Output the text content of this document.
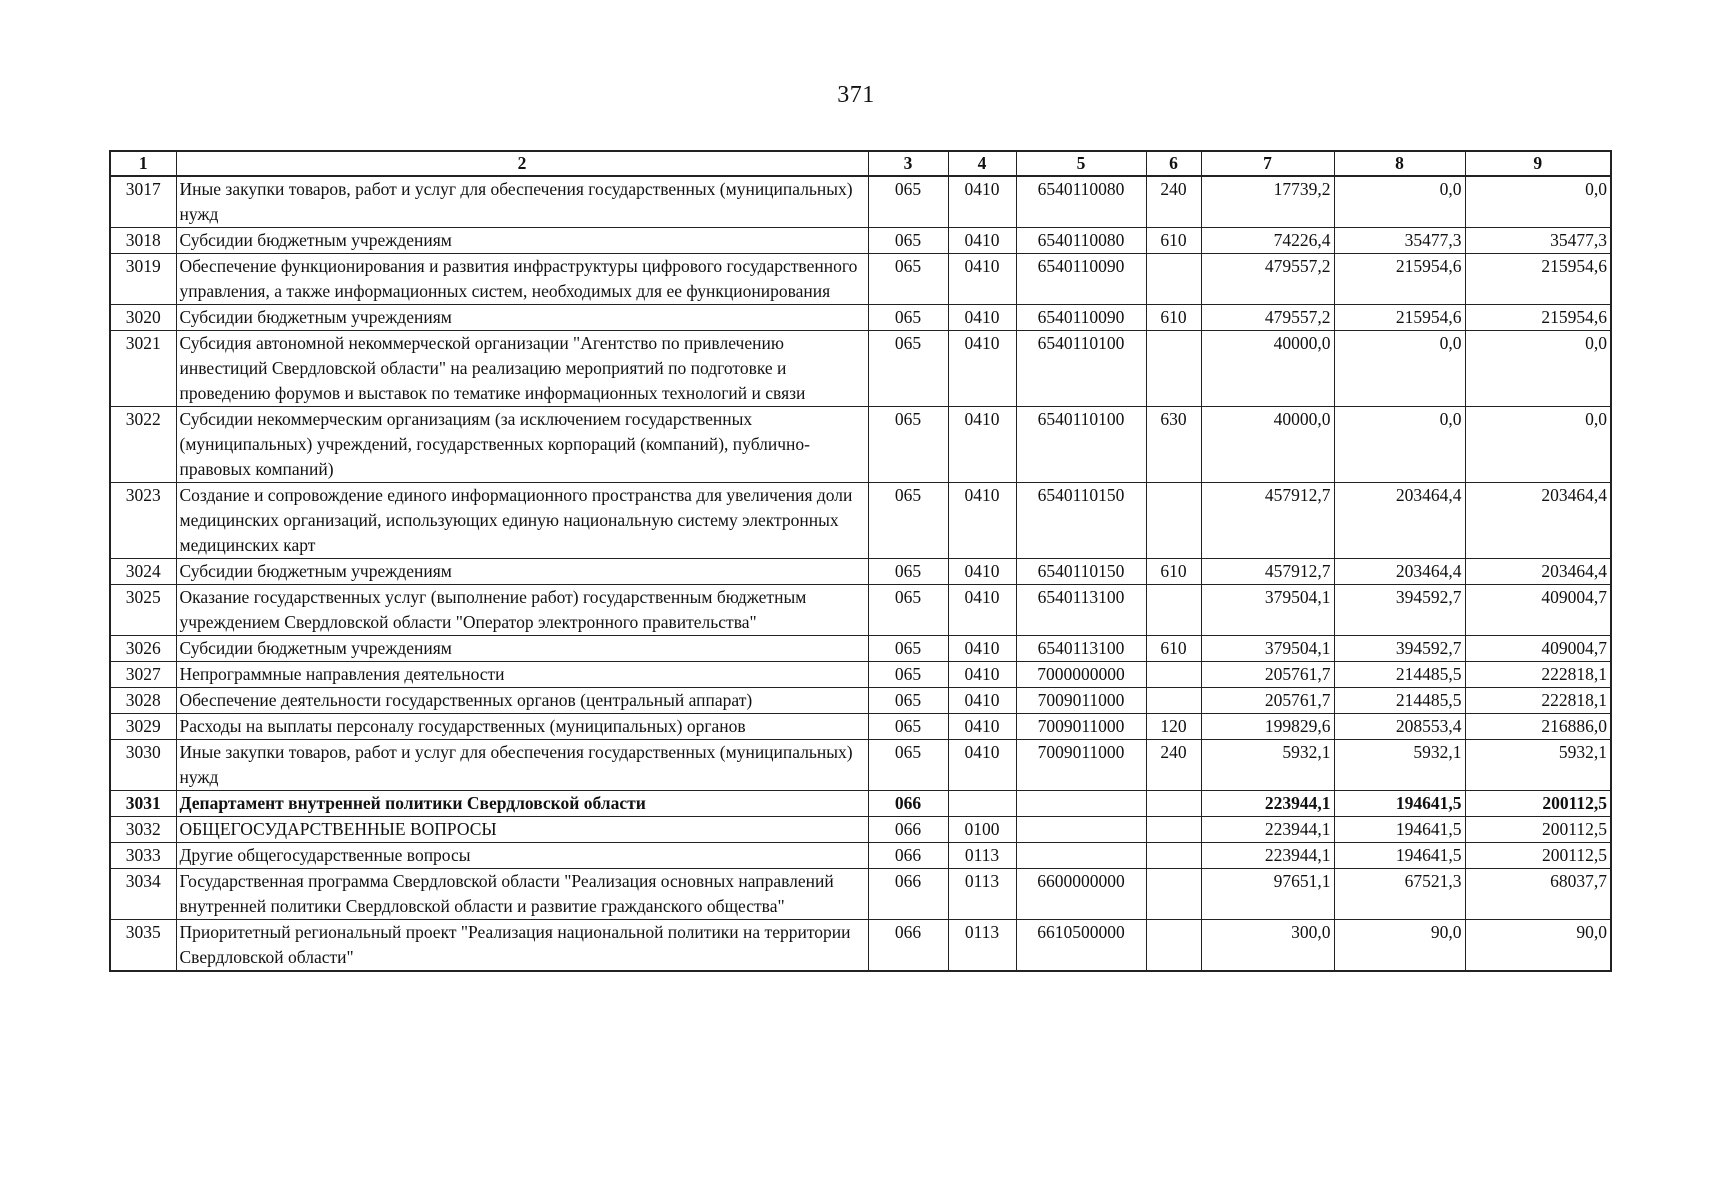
371
1	2	3	4	5	6	7	8	9
3017	Иные закупки товаров, работ и услуг для обеспечения государственных (муниципальных) нужд	065	0410	6540110080	240	17739,2	0,0	0,0
3018	Субсидии бюджетным учреждениям	065	0410	6540110080	610	74226,4	35477,3	35477,3
3019	Обеспечение функционирования и развития инфраструктуры цифрового государственного управления, а также информационных систем, необходимых для ее функционирования	065	0410	6540110090		479557,2	215954,6	215954,6
3020	Субсидии бюджетным учреждениям	065	0410	6540110090	610	479557,2	215954,6	215954,6
3021	Субсидия автономной некоммерческой организации "Агентство по привлечению инвестиций Свердловской области" на реализацию мероприятий по подготовке и проведению форумов и выставок по тематике информационных технологий и связи	065	0410	6540110100		40000,0	0,0	0,0
3022	Субсидии некоммерческим организациям (за исключением государственных (муниципальных) учреждений, государственных корпораций (компаний), публично-правовых компаний)	065	0410	6540110100	630	40000,0	0,0	0,0
3023	Создание и сопровождение единого информационного пространства для увеличения доли медицинских организаций, использующих единую национальную систему электронных медицинских карт	065	0410	6540110150		457912,7	203464,4	203464,4
3024	Субсидии бюджетным учреждениям	065	0410	6540110150	610	457912,7	203464,4	203464,4
3025	Оказание государственных услуг (выполнение работ) государственным бюджетным учреждением Свердловской области "Оператор электронного правительства"	065	0410	6540113100		379504,1	394592,7	409004,7
3026	Субсидии бюджетным учреждениям	065	0410	6540113100	610	379504,1	394592,7	409004,7
3027	Непрограммные направления деятельности	065	0410	7000000000		205761,7	214485,5	222818,1
3028	Обеспечение деятельности государственных органов (центральный аппарат)	065	0410	7009011000		205761,7	214485,5	222818,1
3029	Расходы на выплаты персоналу государственных (муниципальных) органов	065	0410	7009011000	120	199829,6	208553,4	216886,0
3030	Иные закупки товаров, работ и услуг для обеспечения государственных (муниципальных) нужд	065	0410	7009011000	240	5932,1	5932,1	5932,1
3031	Департамент внутренней политики Свердловской области	066				223944,1	194641,5	200112,5
3032	ОБЩЕГОСУДАРСТВЕННЫЕ ВОПРОСЫ	066	0100			223944,1	194641,5	200112,5
3033	Другие общегосударственные вопросы	066	0113			223944,1	194641,5	200112,5
3034	Государственная программа Свердловской области "Реализация основных направлений внутренней политики Свердловской области и развитие гражданского общества"	066	0113	6600000000		97651,1	67521,3	68037,7
3035	Приоритетный региональный проект "Реализация национальной политики на территории Свердловской области"	066	0113	6610500000		300,0	90,0	90,0
